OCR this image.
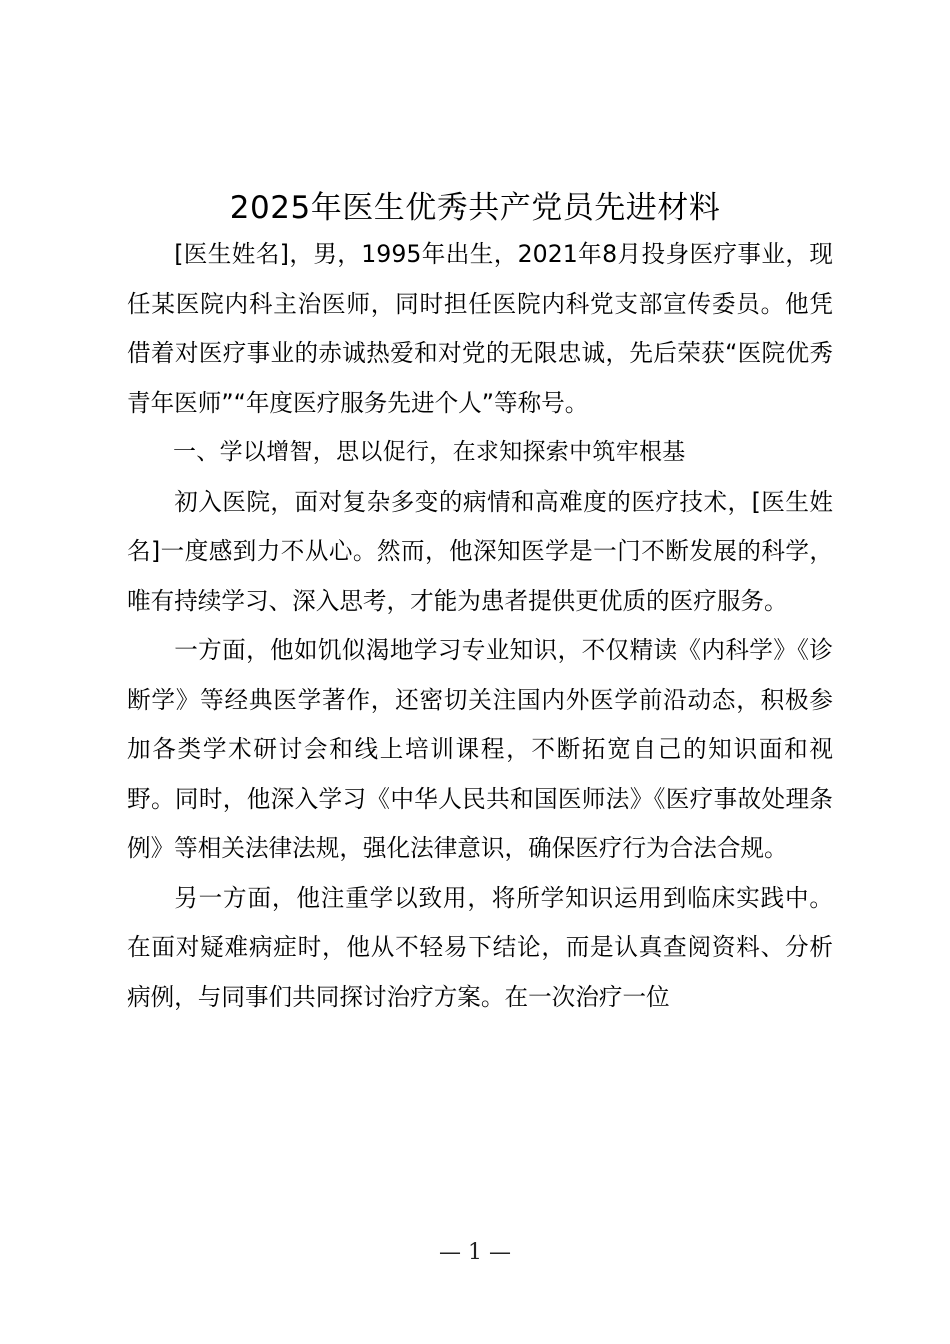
2025年医生优秀共产党员先进材料

[医生姓名]，男，1995年出生，2021年8月投身医疗事业，现任某医院内科主治医师，同时担任医院内科党支部宣传委员。他凭借着对医疗事业的赤诚热爱和对党的无限忠诚，先后荣获“医院优秀青年医师”“年度医疗服务先进个人”等称号。

一、学以增智，思以促行，在求知探索中筑牢根基

初入医院，面对复杂多变的病情和高难度的医疗技术，[医生姓名]一度感到力不从心。然而，他深知医学是一门不断发展的科学，唯有持续学习、深入思考，才能为患者提供更优质的医疗服务。

一方面，他如饥似渴地学习专业知识，不仅精读《内科学》《诊断学》等经典医学著作，还密切关注国内外医学前沿动态，积极参加各类学术研讨会和线上培训课程，不断拓宽自己的知识面和视野。同时，他深入学习《中华人民共和国医师法》《医疗事故处理条例》等相关法律法规，强化法律意识，确保医疗行为合法合规。

另一方面，他注重学以致用，将所学知识运用到临床实践中。在面对疑难病症时，他从不轻易下结论，而是认真查阅资料、分析病例，与同事们共同探讨治疗方案。在一次治疗一位

— 1 —
